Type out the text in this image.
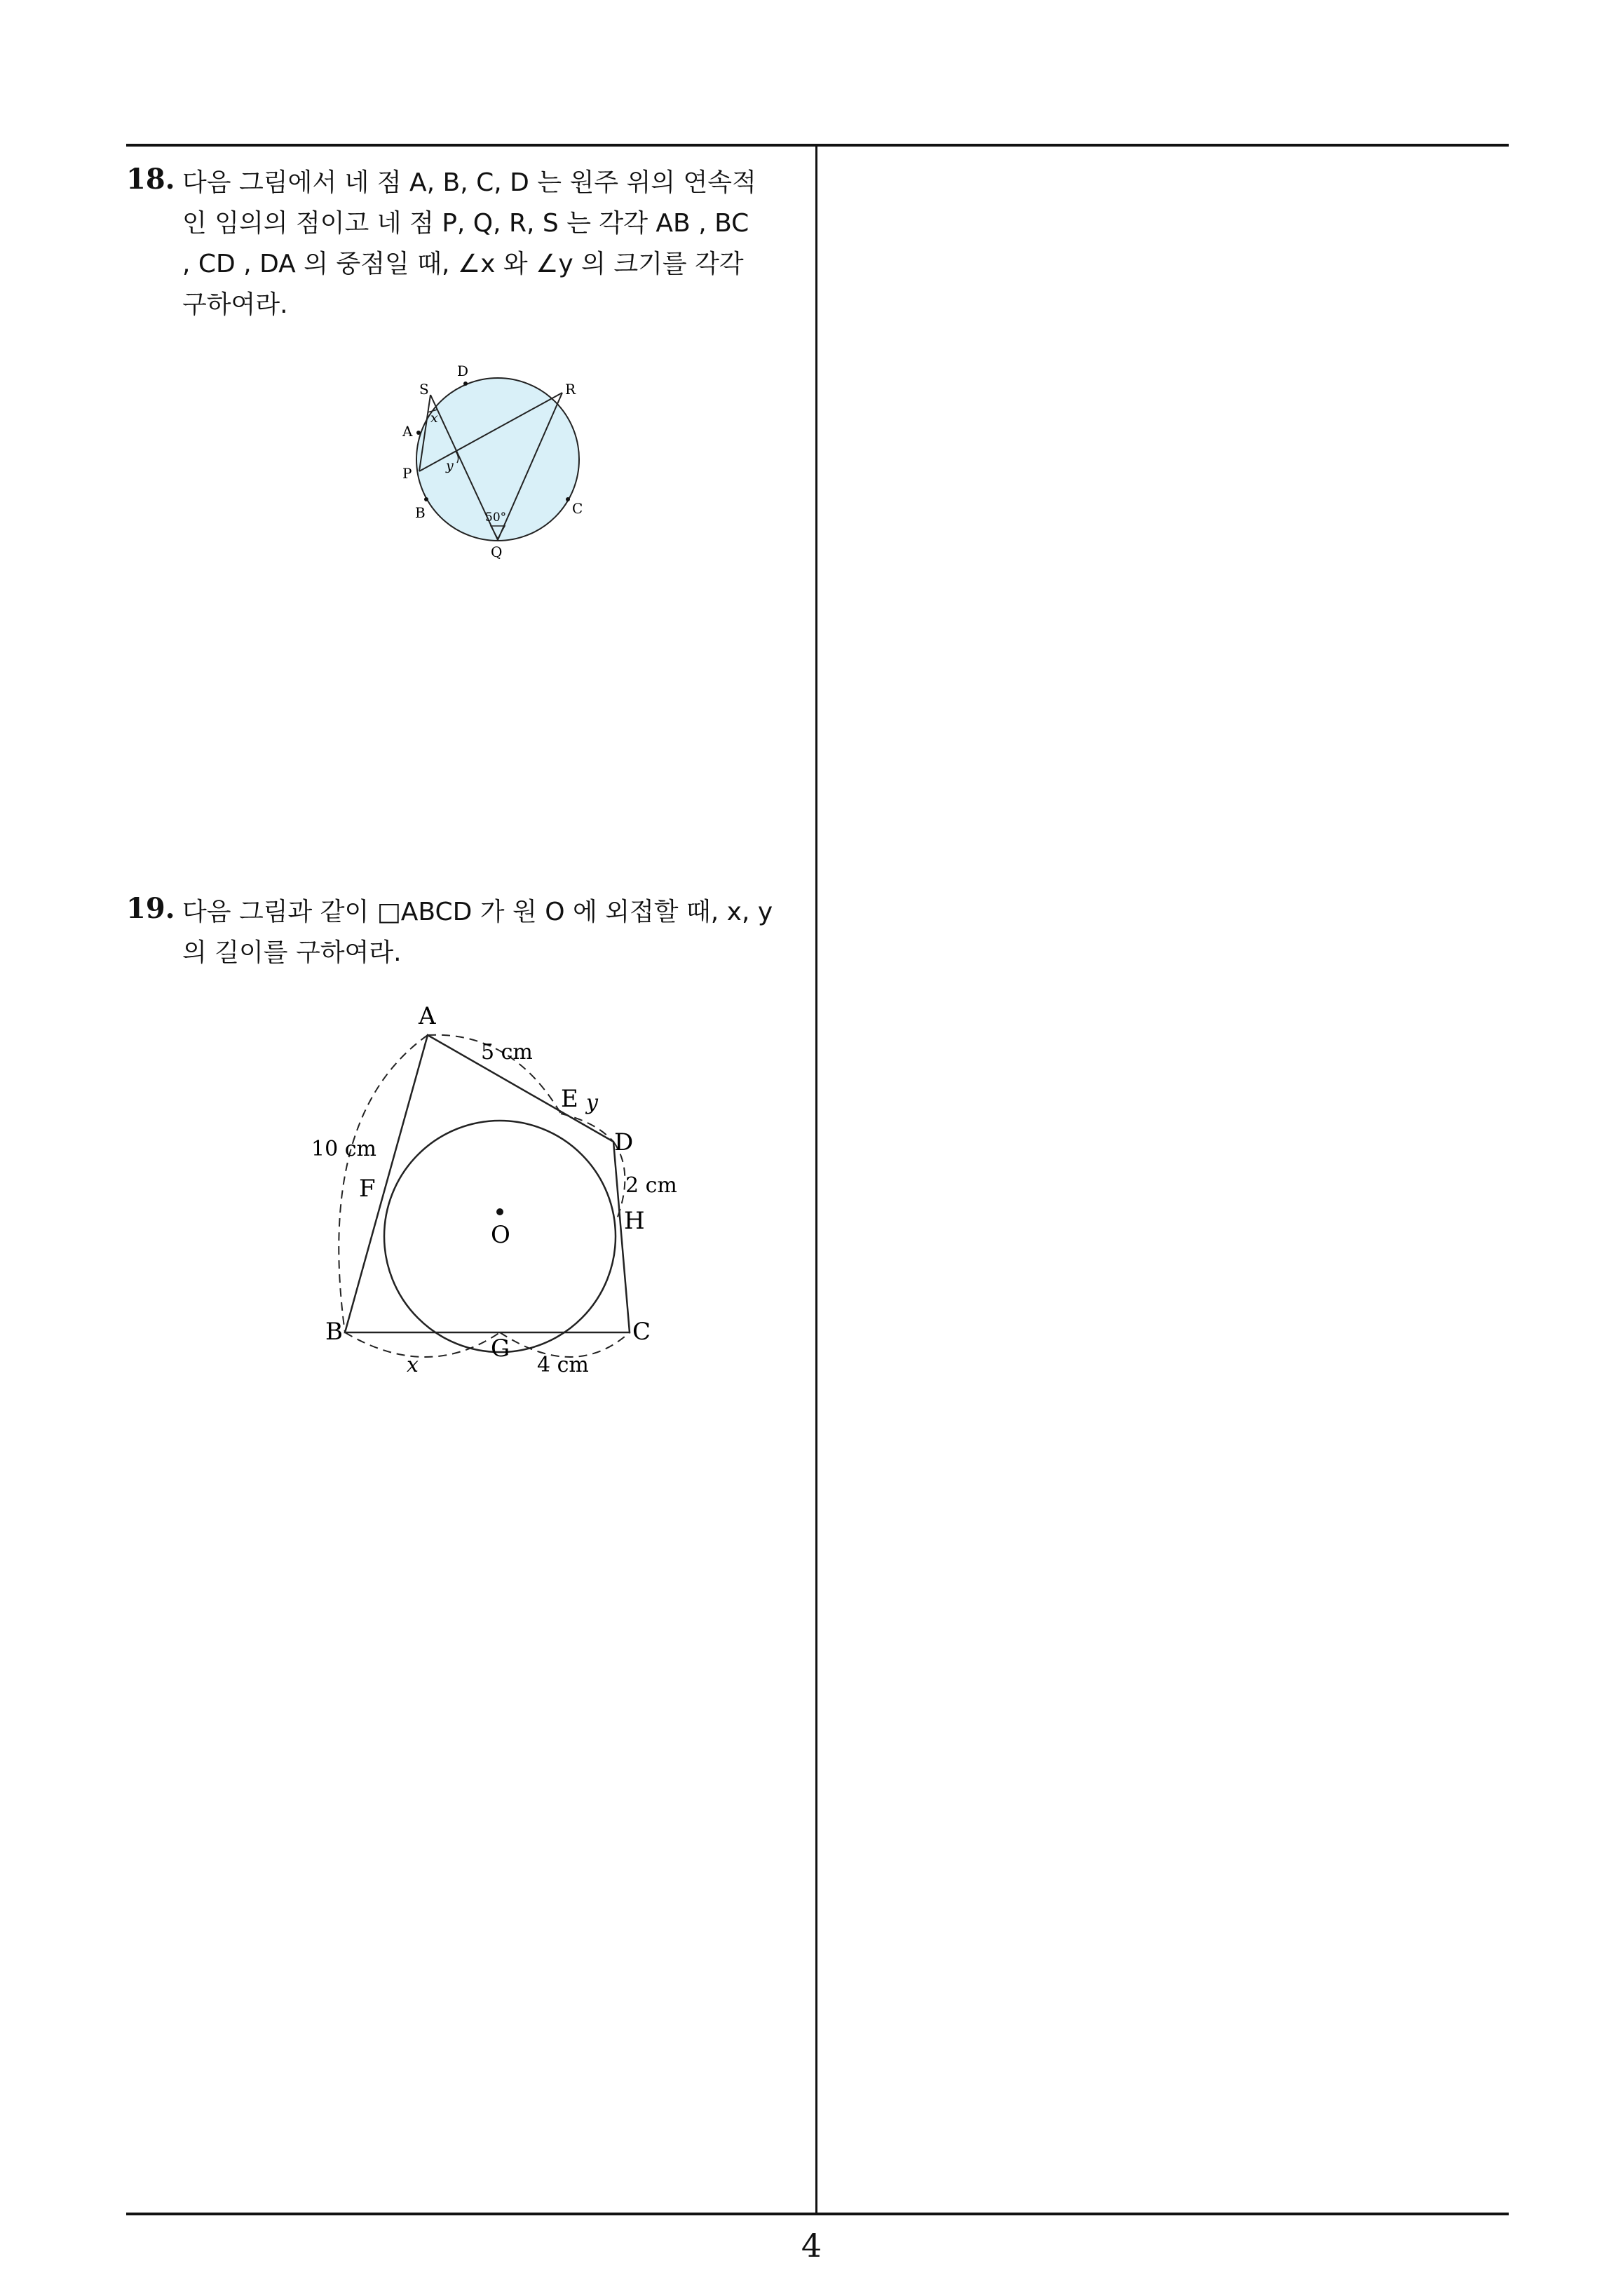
18. 다음 그림에서 네 점 A, B, C, D 는 원주 위의 연속적
인 임의의 점이고 네 점 P, Q, R, S 는 각각 AB , BC
, CD , DA 의 중점일 때, ∠x 와 ∠y 의 크기를 각각
구하여라.
D
S	R
A
P
B	C
Q
x
y
50°
19. 다음 그림과 같이 □ABCD 가 원 O 에 외접할 때, x, y
의 길이를 구하여라.
A
B	C
D
E
F
G
H
O
10 cm
5 cm
2 cm
4 cm
x
y
4
